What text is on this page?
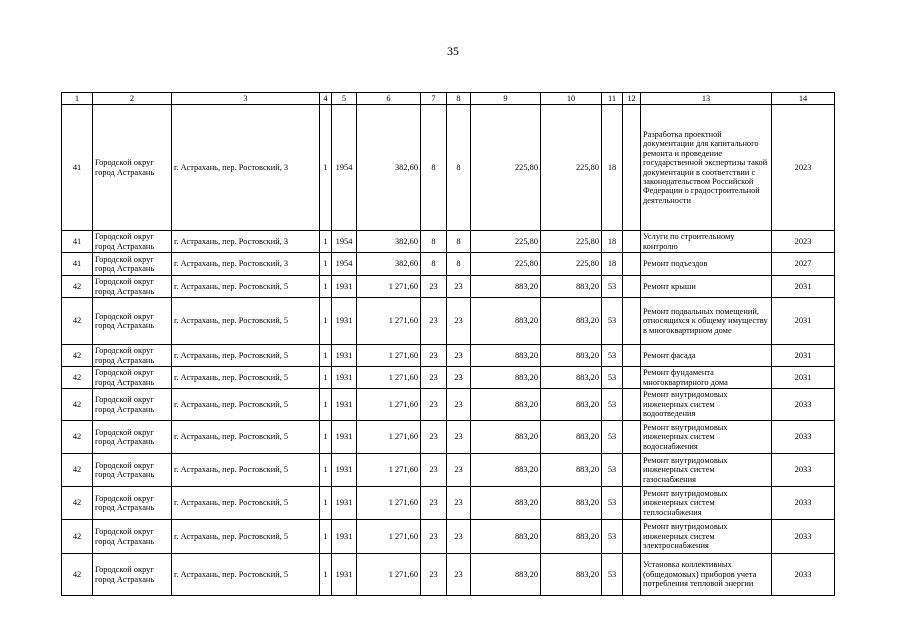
35
1	2	3	4	5	6	7	8	9	10	11	12	13	14
41	Городской округ город Астрахань	г. Астрахань, пер. Ростовский, 3	1	1954	382,60	8	8	225,80	225,80	18		Разработка проектной документации для капитального ремонта и проведение государственной экспертизы такой документации в соответствии с законодательством Российской Федерации о градостроительной деятельности	2023
41	Городской округ город Астрахань	г. Астрахань, пер. Ростовский, 3	1	1954	382,60	8	8	225,80	225,80	18		Услуги по строительному контролю	2023
41	Городской округ город Астрахань	г. Астрахань, пер. Ростовский, 3	1	1954	382,60	8	8	225,80	225,80	18		Ремонт подъездов	2027
42	Городской округ город Астрахань	г. Астрахань, пер. Ростовский, 5	1	1931	1 271,60	23	23	883,20	883,20	53		Ремонт крыши	2031
42	Городской округ город Астрахань	г. Астрахань, пер. Ростовский, 5	1	1931	1 271,60	23	23	883,20	883,20	53		Ремонт подвальных помещений, относящихся к общему имуществу в многоквартирном доме	2031
42	Городской округ город Астрахань	г. Астрахань, пер. Ростовский, 5	1	1931	1 271,60	23	23	883,20	883,20	53		Ремонт фасада	2031
42	Городской округ город Астрахань	г. Астрахань, пер. Ростовский, 5	1	1931	1 271,60	23	23	883,20	883,20	53		Ремонт фундамента многоквартирного дома	2031
42	Городской округ город Астрахань	г. Астрахань, пер. Ростовский, 5	1	1931	1 271,60	23	23	883,20	883,20	53		Ремонт внутридомовых инженерных систем водоотведения	2033
42	Городской округ город Астрахань	г. Астрахань, пер. Ростовский, 5	1	1931	1 271,60	23	23	883,20	883,20	53		Ремонт внутридомовых инженерных систем водоснабжения	2033
42	Городской округ город Астрахань	г. Астрахань, пер. Ростовский, 5	1	1931	1 271,60	23	23	883,20	883,20	53		Ремонт внутридомовых инженерных систем газоснабжения	2033
42	Городской округ город Астрахань	г. Астрахань, пер. Ростовский, 5	1	1931	1 271,60	23	23	883,20	883,20	53		Ремонт внутридомовых инженерных систем теплоснабжения	2033
42	Городской округ город Астрахань	г. Астрахань, пер. Ростовский, 5	1	1931	1 271,60	23	23	883,20	883,20	53		Ремонт внутридомовых инженерных систем электроснабжения	2033
42	Городской округ город Астрахань	г. Астрахань, пер. Ростовский, 5	1	1931	1 271,60	23	23	883,20	883,20	53		Установка коллективных (общедомовых) приборов учета потребления тепловой энергии	2033
